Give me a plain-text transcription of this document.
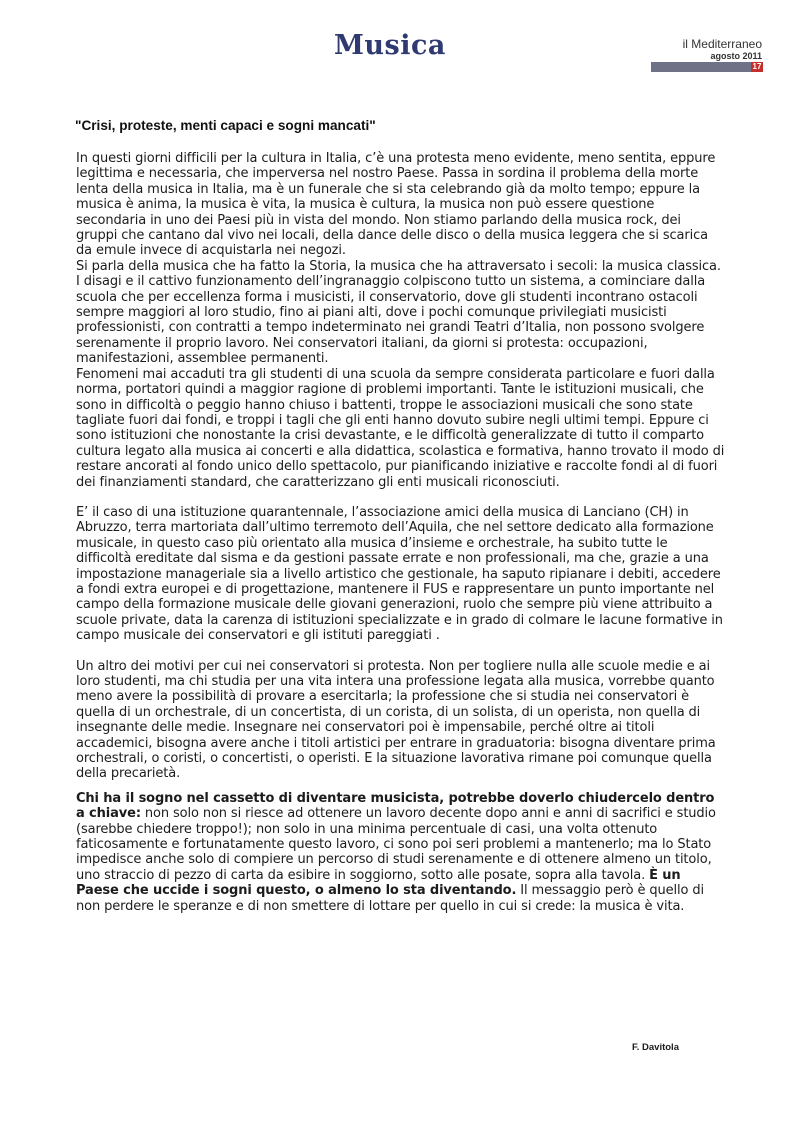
Musica	il Mediterraneo
agosto 2011
17
"Crisi, proteste, menti capaci e sogni mancati"

In questi giorni difficili per la cultura in Italia, c’è una protesta meno evidente, meno sentita, eppure legittima e necessaria, che imperversa nel nostro Paese. Passa in sordina il problema della morte lenta della musica in Italia, ma è un funerale che si sta celebrando già da molto tempo; eppure la musica è anima, la musica è vita, la musica è cultura, la musica non può essere questione secondaria in uno dei Paesi più in vista del mondo. Non stiamo parlando della musica rock, dei gruppi che cantano dal vivo nei locali, della dance delle disco o della musica leggera che si scarica da emule invece di acquistarla nei negozi.

Si parla della musica che ha fatto la Storia, la musica che ha attraversato i secoli: la musica classica. I disagi e il cattivo funzionamento dell’ingranaggio colpiscono tutto un sistema, a cominciare dalla scuola che per eccellenza forma i musicisti, il conservatorio, dove gli studenti incontrano ostacoli sempre maggiori al loro studio, fino ai piani alti, dove i pochi comunque privilegiati musicisti professionisti, con contratti a tempo indeterminato nei grandi Teatri d’Italia, non possono svolgere serenamente il proprio lavoro. Nei conservatori italiani, da giorni si protesta: occupazioni, manifestazioni, assemblee permanenti.

Fenomeni mai accaduti tra gli studenti di una scuola da sempre considerata particolare e fuori dalla norma, portatori quindi a maggior ragione di problemi importanti. Tante le istituzioni musicali, che sono in difficoltà o peggio hanno chiuso i battenti, troppe le associazioni musicali che sono state tagliate fuori dai fondi, e troppi i tagli che gli enti hanno dovuto subire negli ultimi tempi. Eppure ci sono istituzioni che nonostante la crisi devastante, e le difficoltà generalizzate di tutto il comparto cultura legato alla musica ai concerti e alla didattica, scolastica e formativa, hanno trovato il modo di restare ancorati al fondo unico dello spettacolo, pur pianificando iniziative e raccolte fondi al di fuori dei finanziamenti standard, che caratterizzano gli enti musicali riconosciuti.

E’ il caso di una istituzione quarantennale, l’associazione amici della musica di Lanciano (CH) in Abruzzo, terra martoriata dall’ultimo terremoto dell’Aquila, che nel settore dedicato alla formazione musicale, in questo caso più orientato alla musica d’insieme e orchestrale, ha subito tutte le difficoltà ereditate dal sisma e da gestioni passate errate e non professionali, ma che, grazie a una impostazione manageriale sia a livello artistico che gestionale, ha saputo ripianare i debiti, accedere a fondi extra europei e di progettazione, mantenere il FUS e rappresentare un punto importante nel campo della formazione musicale delle giovani generazioni, ruolo che sempre più viene attribuito a scuole private, data la carenza di istituzioni specializzate e in grado di colmare le lacune formative in campo musicale dei conservatori e gli istituti pareggiati .

Un altro dei motivi per cui nei conservatori si protesta. Non per togliere nulla alle scuole medie e ai loro studenti, ma chi studia per una vita intera una professione legata alla musica, vorrebbe quanto meno avere la possibilità di provare a esercitarla; la professione che si studia nei conservatori è quella di un orchestrale, di un concertista, di un corista, di un solista, di un operista, non quella di insegnante delle medie. Insegnare nei conservatori poi è impensabile, perché oltre ai titoli accademici, bisogna avere anche i titoli artistici per entrare in graduatoria: bisogna diventare prima orchestrali, o coristi, o concertisti, o operisti. E la situazione lavorativa rimane poi comunque quella della precarietà.

Chi ha il sogno nel cassetto di diventare musicista, potrebbe doverlo chiudercelo dentro a chiave: non solo non si riesce ad ottenere un lavoro decente dopo anni e anni di sacrifici e studio (sarebbe chiedere troppo!); non solo in una minima percentuale di casi, una volta ottenuto faticosamente e fortunatamente questo lavoro, ci sono poi seri problemi a mantenerlo; ma lo Stato impedisce anche solo di compiere un percorso di studi serenamente e di ottenere almeno un titolo, uno straccio di pezzo di carta da esibire in soggiorno, sotto alle posate, sopra alla tavola. È un Paese che uccide i sogni questo, o almeno lo sta diventando. Il messaggio però è quello di non perdere le speranze e di non smettere di lottare per quello in cui si crede: la musica è vita.

F. Davitola
